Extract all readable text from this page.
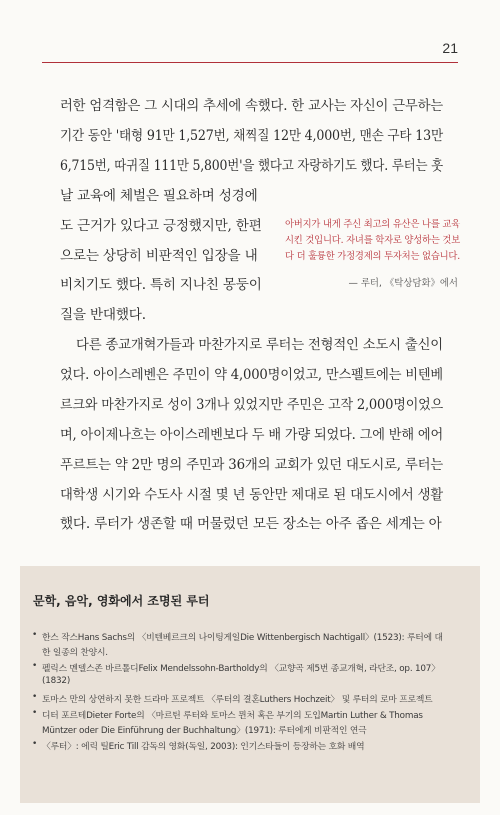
21
러한 엄격함은 그 시대의 추세에 속했다. 한 교사는 자신이 근무하는
기간 동안 '태형 91만 1,527번, 채찍질 12만 4,000번, 맨손 구타 13만
6,715번, 따귀질 111만 5,800번'을 했다고 자랑하기도 했다. 루터는 훗
날 교육에 체벌은 필요하며 성경에
도 근거가 있다고 긍정했지만, 한편
으로는 상당히 비판적인 입장을 내
비치기도 했다. 특히 지나친 몽둥이
질을 반대했다.
다른 종교개혁가들과 마찬가지로 루터는 전형적인 소도시 출신이
었다. 아이스레벤은 주민이 약 4,000명이었고, 만스펠트에는 비텐베
르크와 마찬가지로 성이 3개나 있었지만 주민은 고작 2,000명이었으
며, 아이제나흐는 아이스레벤보다 두 배 가량 되었다. 그에 반해 에어
푸르트는 약 2만 명의 주민과 36개의 교회가 있던 대도시로, 루터는
대학생 시기와 수도사 시절 몇 년 동안만 제대로 된 대도시에서 생활
했다. 루터가 생존할 때 머물렀던 모든 장소는 아주 좁은 세계는 아
아버지가 내게 주신 최고의 유산은 나를 교육
시킨 것입니다. 자녀를 학자로 양성하는 것보
다 더 훌륭한 가정경제의 투자처는 없습니다.
— 루터, 《탁상담화》에서
문학, 음악, 영화에서 조명된 루터
• 한스 작스Hans Sachs의 〈비텐베르크의 나이팅게일Die Wittenbergisch Nachtigall〉(1523): 루터에 대
한 일종의 찬양시.
• 펠릭스 멘델스존 바르톨디Felix Mendelssohn-Bartholdy의 〈교향곡 제5번 종교개혁, 라단조, op. 107〉
(1832)
• 토마스 만의 상연하지 못한 드라마 프로젝트 〈루터의 결혼Luthers Hochzeit〉 및 루터의 로마 프로젝트
• 디터 포르테Dieter Forte의 〈마르틴 루터와 토마스 뮌처 혹은 부기의 도입Martin Luther & Thomas
Müntzer oder Die Einführung der Buchhaltung〉(1971): 루터에게 비판적인 연극
• 〈루터〉: 에릭 틸Eric Till 감독의 영화(독일, 2003): 인기스타들이 등장하는 호화 배역
